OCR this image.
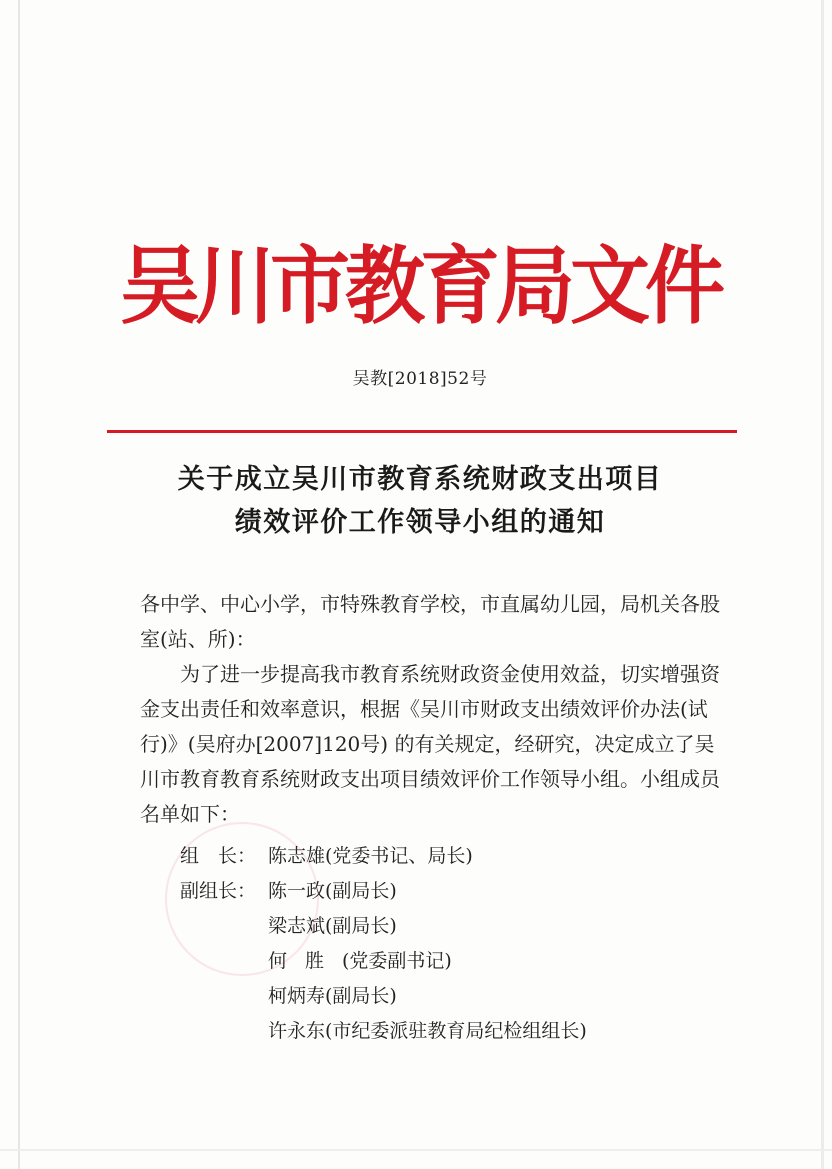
吴川市教育局文件
吴教[2018]52号
关于成立吴川市教育系统财政支出项目
绩效评价工作领导小组的通知

各中学、中心小学，市特殊教育学校，市直属幼儿园，局机关各股室(站、所)：

为了进一步提高我市教育系统财政资金使用效益，切实增强资金支出责任和效率意识，根据《吴川市财政支出绩效评价办法(试行)》(吴府办[2007]120号) 的有关规定，经研究，决定成立了吴川市教育教育系统财政支出项目绩效评价工作领导小组。小组成员名单如下：

组　长： 陈志雄 (党委书记、局长)
副组长： 陈一政 (副局长)
梁志斌 (副局长)
何胜 (党委副书记)
柯炳寿 (副局长)
许永东 (市纪委派驻教育局纪检组组长)
